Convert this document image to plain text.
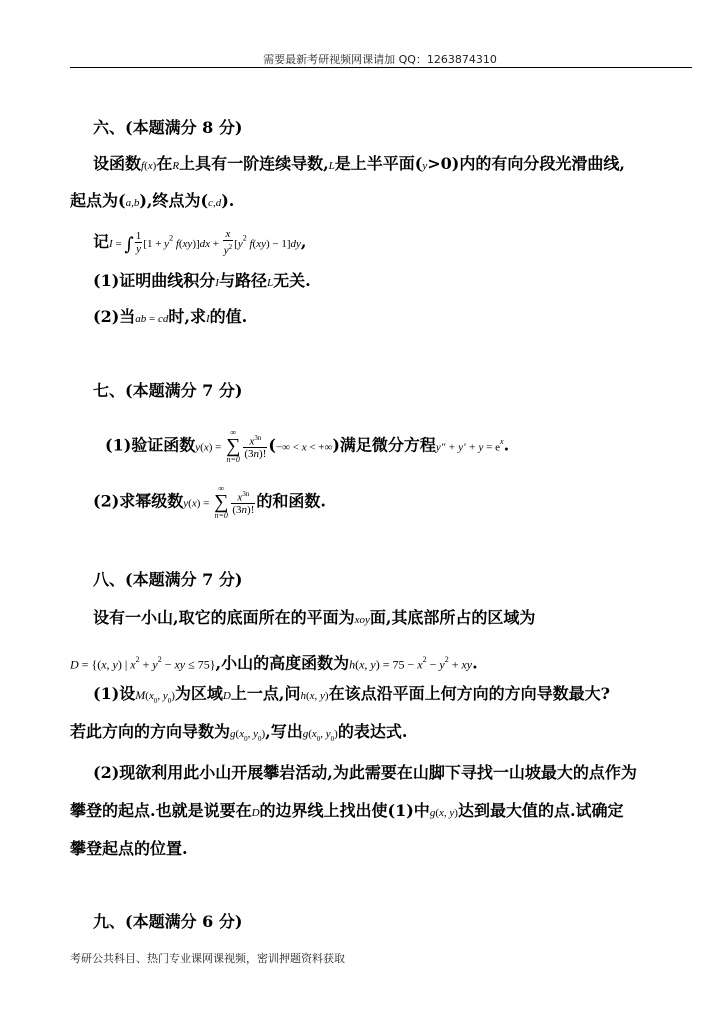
需要最新考研视频网课请加 QQ：1263874310
六、(本题满分 8 分)
设函数f(x)在R上具有一阶连续导数,L是上半平面(y>0)内的有向分段光滑曲线,
起点为(a,b),终点为(c,d).
记I = ∫ $\frac{1}{y} [1 + y^2$ $f(xy)]dx + \frac{x}{y^2} [y^2$ f(xy) − 1]dy,
(1)证明曲线积分I与路径L无关.
(2)当ab = cd时,求I的值.
七、(本题满分 7 分)
(1)验证函数y(x) =
∞
∑
$n=0 \frac{x^{3n}}{(3n)!}$ (−∞ < x < +∞)满足微分方程$y'' + y' + y = e^x$.
(2)求幂级数y(x) =
∞
∑
$n=0 \frac{x^{3n}}{(3n)!}$ 的和函数.
八、(本题满分 7 分)
设有一小山,取它的底面所在的平面为xoy面,其底部所占的区域为
D = {(x, y) | $x^2 + y^2$ − xy ≤ 75},小山的高度函数为h(x, $y) = 75 - x^2 - y^2$ + xy.
(1)设$M(x_0$, $y_0$)为区域D上一点,问h(x, y)在该点沿平面上何方向的方向导数最大?
若此方向的方向导数为$g(x_0$, $y_0$),写出$g(x_0$, $y_0$)的表达式.
(2)现欲利用此小山开展攀岩活动,为此需要在山脚下寻找一山坡最大的点作为
攀登的起点.也就是说要在D的边界线上找出使(1)中g(x, y)达到最大值的点.试确定
攀登起点的位置.
九、(本题满分 6 分)
考研公共科目、热门专业课网课视频，密训押题资料获取
